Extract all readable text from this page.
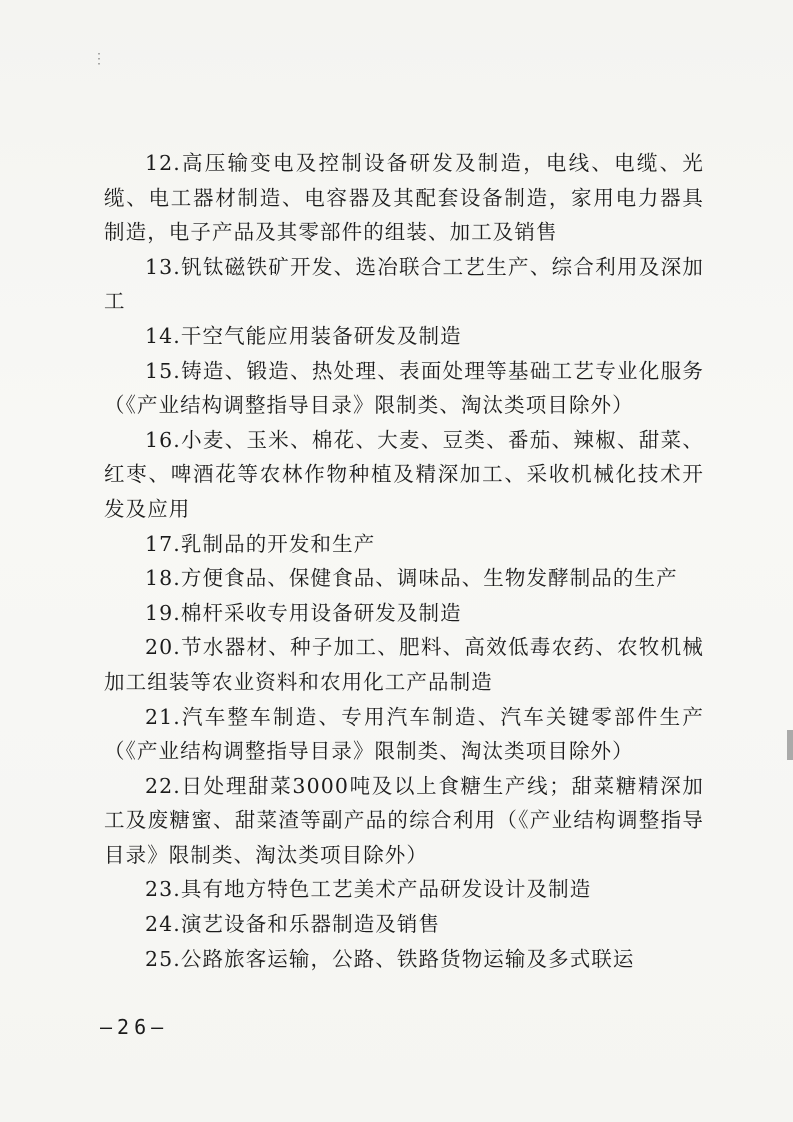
⋮

12.高压输变电及控制设备研发及制造，电线、电缆、光缆、电工器材制造、电容器及其配套设备制造，家用电力器具制造，电子产品及其零部件的组装、加工及销售

13.钒钛磁铁矿开发、选冶联合工艺生产、综合利用及深加工

14.干空气能应用装备研发及制造

15.铸造、锻造、热处理、表面处理等基础工艺专业化服务（《产业结构调整指导目录》限制类、淘汰类项目除外）

16.小麦、玉米、棉花、大麦、豆类、番茄、辣椒、甜菜、红枣、啤酒花等农林作物种植及精深加工、采收机械化技术开发及应用

17.乳制品的开发和生产

18.方便食品、保健食品、调味品、生物发酵制品的生产

19.棉杆采收专用设备研发及制造

20.节水器材、种子加工、肥料、高效低毒农药、农牧机械加工组装等农业资料和农用化工产品制造

21.汽车整车制造、专用汽车制造、汽车关键零部件生产（《产业结构调整指导目录》限制类、淘汰类项目除外）

22.日处理甜菜3000吨及以上食糖生产线；甜菜糖精深加工及废糖蜜、甜菜渣等副产品的综合利用（《产业结构调整指导目录》限制类、淘汰类项目除外）

23.具有地方特色工艺美术产品研发设计及制造

24.演艺设备和乐器制造及销售

25.公路旅客运输，公路、铁路货物运输及多式联运

—26—
